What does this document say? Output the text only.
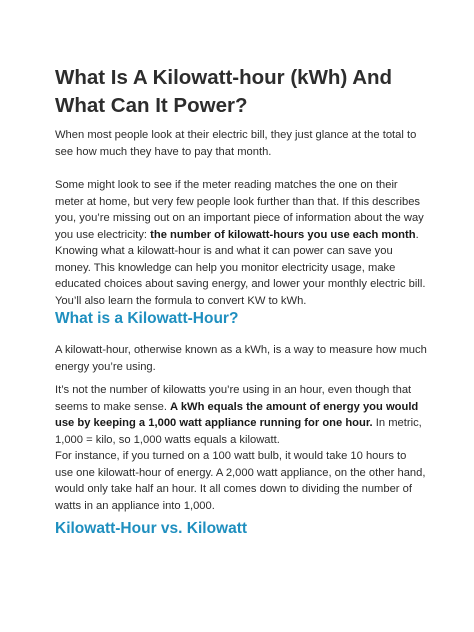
What Is A Kilowatt-hour (kWh) And What Can It Power?

When most people look at their electric bill, they just glance at the total to see how much they have to pay that month.

Some might look to see if the meter reading matches the one on their meter at home, but very few people look further than that. If this describes you, you’re missing out on an important piece of information about the way you use electricity: the number of kilowatt-hours you use each month.

Knowing what a kilowatt-hour is and what it can power can save you money. This knowledge can help you monitor electricity usage, make educated choices about saving energy, and lower your monthly electric bill. You’ll also learn the formula to convert KW to kWh.

What is a Kilowatt-Hour?

A kilowatt-hour, otherwise known as a kWh, is a way to measure how much energy you’re using.

It’s not the number of kilowatts you’re using in an hour, even though that seems to make sense. A kWh equals the amount of energy you would use by keeping a 1,000 watt appliance running for one hour. In metric, 1,000 = kilo, so 1,000 watts equals a kilowatt.

For instance, if you turned on a 100 watt bulb, it would take 10 hours to use one kilowatt-hour of energy. A 2,000 watt appliance, on the other hand, would only take half an hour. It all comes down to dividing the number of watts in an appliance into 1,000.

Kilowatt-Hour vs. Kilowatt
